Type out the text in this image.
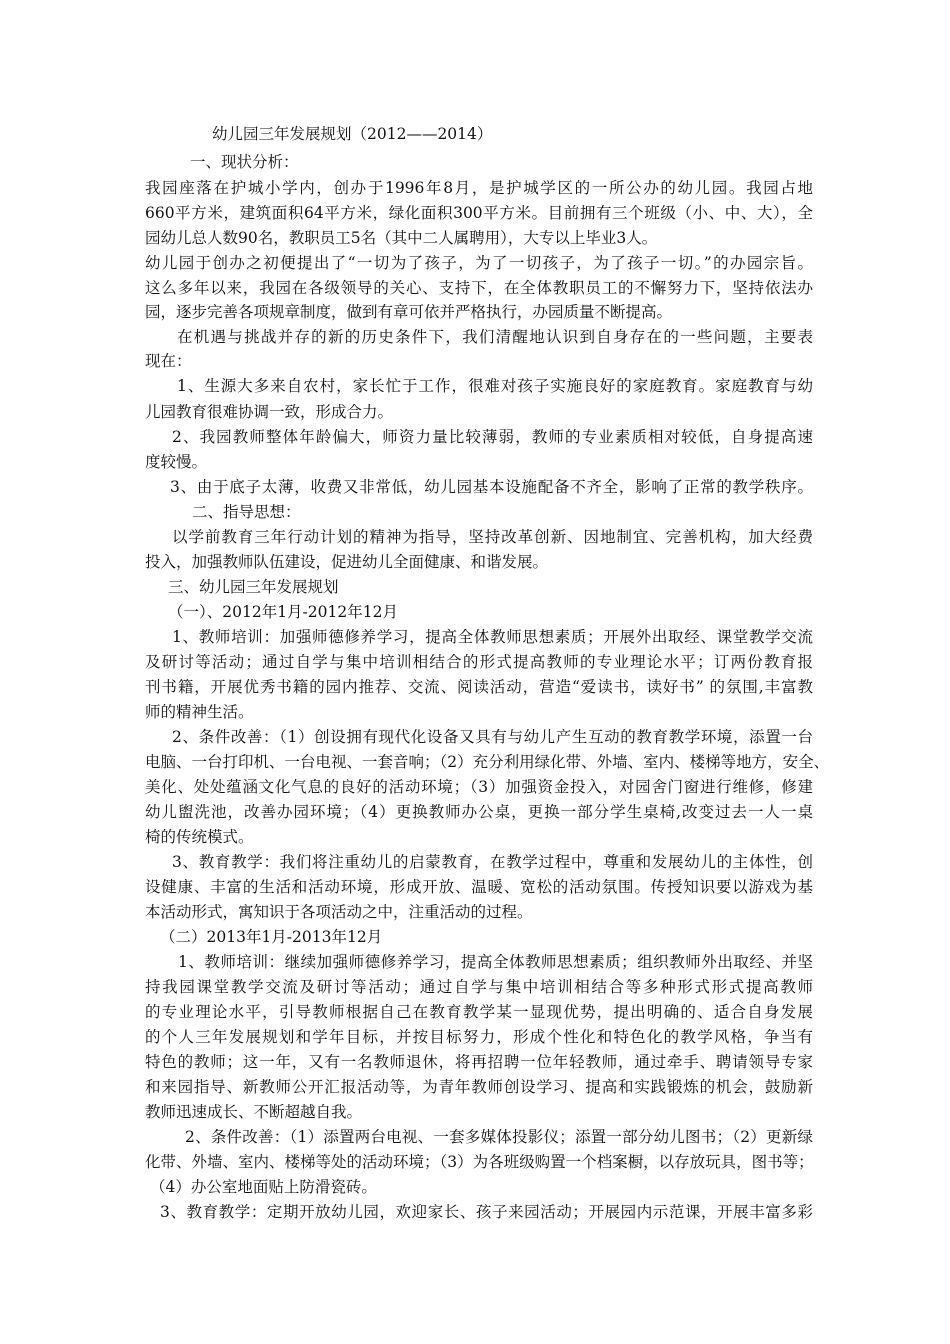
幼儿园三年发展规划（2012——2014）
一、现状分析：
我园座落在护城小学内，创办于1996年8月，是护城学区的一所公办的幼儿园。我园占地
660平方米，建筑面积64平方米，绿化面积300平方米。目前拥有三个班级（小、中、大），全
园幼儿总人数90名，教职员工5名（其中二人属聘用），大专以上毕业3人。
幼儿园于创办之初便提出了“一切为了孩子，为了一切孩子，为了孩子一切。”的办园宗旨。
这么多年以来，我园在各级领导的关心、支持下，在全体教职员工的不懈努力下，坚持依法办
园，逐步完善各项规章制度，做到有章可依并严格执行，办园质量不断提高。
在机遇与挑战并存的新的历史条件下，我们清醒地认识到自身存在的一些问题，主要表
现在：
1、生源大多来自农村，家长忙于工作，很难对孩子实施良好的家庭教育。家庭教育与幼
儿园教育很难协调一致，形成合力。
2、我园教师整体年龄偏大，师资力量比较薄弱，教师的专业素质相对较低，自身提高速
度较慢。
3、由于底子太薄，收费又非常低，幼儿园基本设施配备不齐全，影响了正常的教学秩序。
二、指导思想：
以学前教育三年行动计划的精神为指导，坚持改革创新、因地制宜、完善机构，加大经费
投入，加强教师队伍建设，促进幼儿全面健康、和谐发展。
三、幼儿园三年发展规划
（一）、2012年1月-2012年12月
1、教师培训：加强师德修养学习，提高全体教师思想素质；开展外出取经、课堂教学交流
及研讨等活动；通过自学与集中培训相结合的形式提高教师的专业理论水平；订两份教育报
刊书籍，开展优秀书籍的园内推荐、交流、阅读活动，营造“爱读书，读好书” 的氛围,丰富教
师的精神生活。
2、条件改善：（1）创设拥有现代化设备又具有与幼儿产生互动的教育教学环境，添置一台
电脑、一台打印机、一台电视、一套音响；（2）充分利用绿化带、外墙、室内、楼梯等地方，安全、
美化、处处蕴涵文化气息的良好的活动环境；（3）加强资金投入，对园舍门窗进行维修，修建
幼儿盥洗池，改善办园环境；（4）更换教师办公桌，更换一部分学生桌椅,改变过去一人一桌
椅的传统模式。
3、教育教学：我们将注重幼儿的启蒙教育，在教学过程中，尊重和发展幼儿的主体性，创
设健康、丰富的生活和活动环境，形成开放、温暖、宽松的活动氛围。传授知识要以游戏为基
本活动形式，寓知识于各项活动之中，注重活动的过程。
（二）2013年1月-2013年12月
1、教师培训：继续加强师德修养学习，提高全体教师思想素质；组织教师外出取经、并坚
持我园课堂教学交流及研讨等活动；通过自学与集中培训相结合等多种形式形式提高教师
的专业理论水平，引导教师根据自己在教育教学某一显现优势，提出明确的、适合自身发展
的个人三年发展规划和学年目标，并按目标努力，形成个性化和特色化的教学风格，争当有
特色的教师；这一年，又有一名教师退休，将再招聘一位年轻教师，通过牵手、聘请领导专家
和来园指导、新教师公开汇报活动等，为青年教师创设学习、提高和实践锻炼的机会，鼓励新
教师迅速成长、不断超越自我。
2、条件改善：（1）添置两台电视、一套多媒体投影仪；添置一部分幼儿图书；（2）更新绿
化带、外墙、室内、楼梯等处的活动环境；（3）为各班级购置一个档案橱，以存放玩具，图书等；
（4）办公室地面贴上防滑瓷砖。
3、教育教学：定期开放幼儿园，欢迎家长、孩子来园活动；开展园内示范课，开展丰富多彩
